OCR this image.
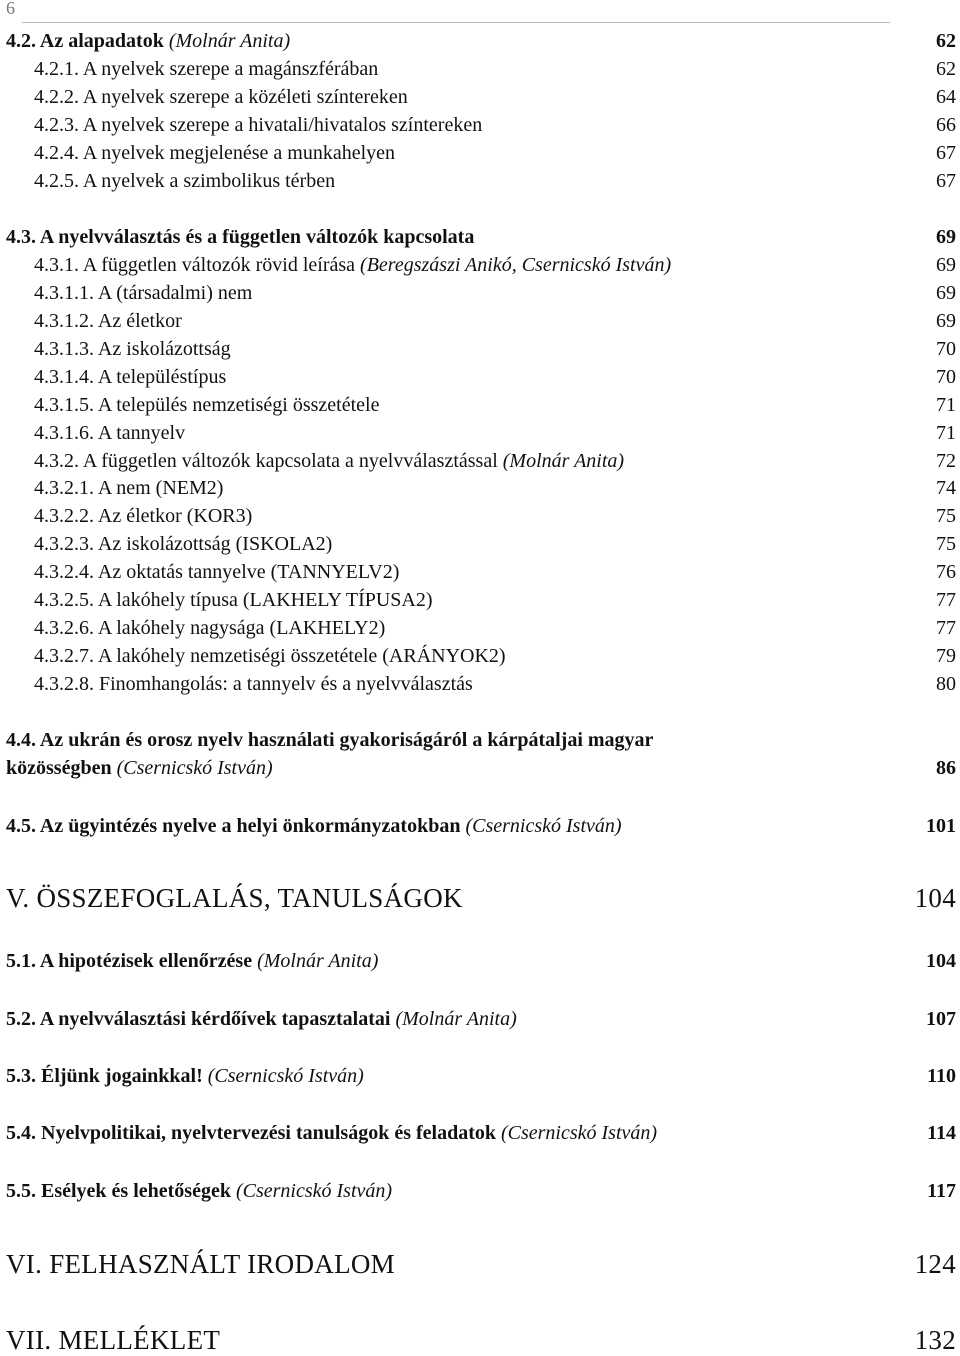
6
4.2. Az alapadatok (Molnár Anita)	62
4.2.1. A nyelvek szerepe a magánszférában	62
4.2.2. A nyelvek szerepe a közéleti színtereken	64
4.2.3. A nyelvek szerepe a hivatali/hivatalos színtereken	66
4.2.4. A nyelvek megjelenése a munkahelyen	67
4.2.5. A nyelvek a szimbolikus térben	67
4.3. A nyelvválasztás és a független változók kapcsolata	69
4.3.1. A független változók rövid leírása (Beregszászi Anikó, Csernicskó István)	69
4.3.1.1. A (társadalmi) nem	69
4.3.1.2. Az életkor	69
4.3.1.3. Az iskolázottság	70
4.3.1.4. A településtípus	70
4.3.1.5. A település nemzetiségi összetétele	71
4.3.1.6. A tannyelv	71
4.3.2. A független változók kapcsolata a nyelvválasztással (Molnár Anita)	72
4.3.2.1. A nem (NEM2)	74
4.3.2.2. Az életkor (KOR3)	75
4.3.2.3. Az iskolázottság (ISKOLA2)	75
4.3.2.4. Az oktatás tannyelve (TANNYELV2)	76
4.3.2.5. A lakóhely típusa (LAKHELY TÍPUSA2)	77
4.3.2.6. A lakóhely nagysága (LAKHELY2)	77
4.3.2.7. A lakóhely nemzetiségi összetétele (ARÁNYOK2)	79
4.3.2.8. Finomhangolás: a tannyelv és a nyelvválasztás	80
4.4. Az ukrán és orosz nyelv használati gyakoriságáról a kárpátaljai magyar
közösségben (Csernicskó István)	86
4.5. Az ügyintézés nyelve a helyi önkormányzatokban (Csernicskó István)	101
V. ÖSSZEFOGLALÁS, TANULSÁGOK	104
5.1. A hipotézisek ellenőrzése (Molnár Anita)	104
5.2. A nyelvválasztási kérdőívek tapasztalatai (Molnár Anita)	107
5.3. Éljünk jogainkkal! (Csernicskó István)	110
5.4. Nyelvpolitikai, nyelvtervezési tanulságok és feladatok (Csernicskó István)	114
5.5. Esélyek és lehetőségek (Csernicskó István)	117
VI. FELHASZNÁLT IRODALOM	124
VII. MELLÉKLET	132
